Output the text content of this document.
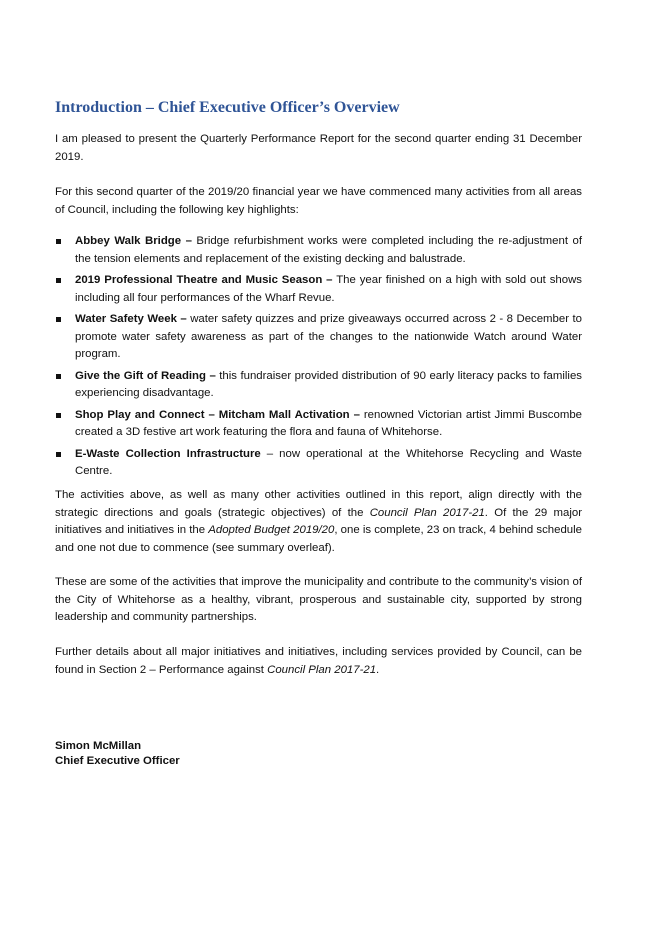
Introduction – Chief Executive Officer’s Overview

I am pleased to present the Quarterly Performance Report for the second quarter ending 31 December 2019.

For this second quarter of the 2019/20 financial year we have commenced many activities from all areas of Council, including the following key highlights:

Abbey Walk Bridge – Bridge refurbishment works were completed including the re-adjustment of the tension elements and replacement of the existing decking and balustrade.
2019 Professional Theatre and Music Season – The year finished on a high with sold out shows including all four performances of the Wharf Revue.
Water Safety Week – water safety quizzes and prize giveaways occurred across 2 - 8 December to promote water safety awareness as part of the changes to the nationwide Watch around Water program.
Give the Gift of Reading – this fundraiser provided distribution of 90 early literacy packs to families experiencing disadvantage.
Shop Play and Connect – Mitcham Mall Activation – renowned Victorian artist Jimmi Buscombe created a 3D festive art work featuring the flora and fauna of Whitehorse.
E-Waste Collection Infrastructure – now operational at the Whitehorse Recycling and Waste Centre.

The activities above, as well as many other activities outlined in this report, align directly with the strategic directions and goals (strategic objectives) of the Council Plan 2017-21. Of the 29 major initiatives and initiatives in the Adopted Budget 2019/20, one is complete, 23 on track, 4 behind schedule and one not due to commence (see summary overleaf).

These are some of the activities that improve the municipality and contribute to the community’s vision of the City of Whitehorse as a healthy, vibrant, prosperous and sustainable city, supported by strong leadership and community partnerships.

Further details about all major initiatives and initiatives, including services provided by Council, can be found in Section 2 – Performance against Council Plan 2017-21.

Simon McMillan
Chief Executive Officer
